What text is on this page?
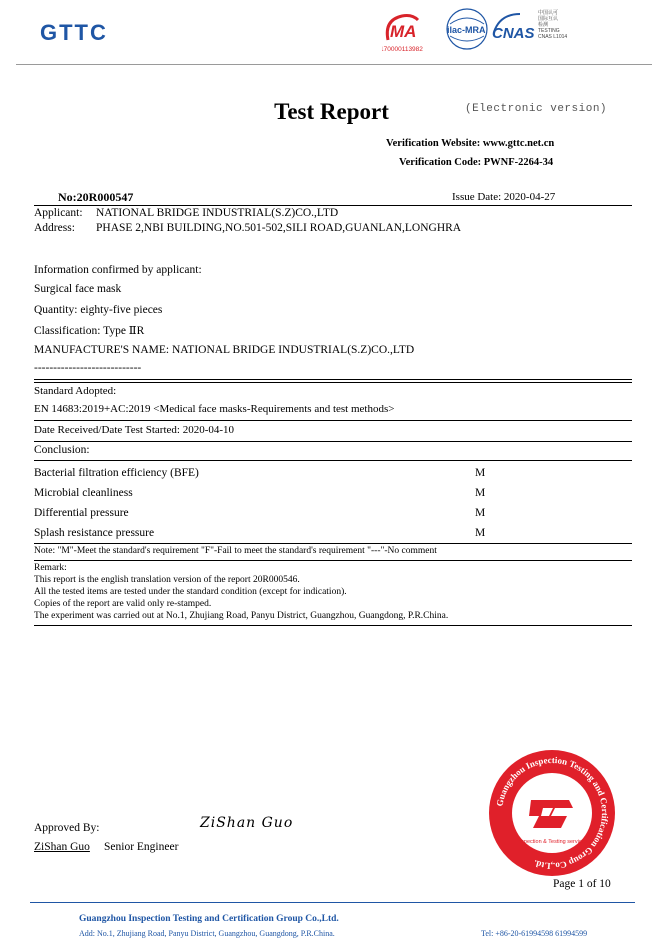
GTTC	MA
170000113982
ilac-MRA CNAS
中国认可
国际互认
检测
TESTING
CNAS L1014
Test Report	(Electronic version)
Verification Website: www.gttc.net.cn
Verification Code: PWNF-2264-34
No:20R000547	Issue Date: 2020-04-27
Applicant: NATIONAL BRIDGE INDUSTRIAL(S.Z)CO.,LTD
Address: PHASE 2,NBI BUILDING,NO.501-502,SILI ROAD,GUANLAN,LONGHRA
Information confirmed by applicant:
Surgical face mask
Quantity: eighty-five pieces
Classification: Type ⅡR
MANUFACTURE'S NAME: NATIONAL BRIDGE INDUSTRIAL(S.Z)CO.,LTD
----------------------------
Standard Adopted:
EN 14683:2019+AC:2019 <Medical face masks-Requirements and test methods>
Date Received/Date Test Started: 2020-04-10
Conclusion:
Bacterial filtration efficiency (BFE)	M
Microbial cleanliness	M
Differential pressure	M
Splash resistance pressure	M
Note: "M"-Meet the standard's requirement "F"-Fail to meet the standard's requirement "---"-No comment
Remark:
This report is the english translation version of the report 20R000546.
All the tested items are tested under the standard condition (except for indication).
Copies of the report are valid only re-stamped.
The experiment was carried out at No.1, Zhujiang Road, Panyu District, Guangzhou, Guangdong, P.R.China.
Guangzhou Inspection Testing and Certification Group Co.,Ltd.
Inspection & Testing services
ZiShan Guo
Approved By:
ZiShan Guo Senior Engineer
Page 1 of 10
Guangzhou Inspection Testing and Certification Group Co.,Ltd.
Add: No.1, Zhujiang Road, Panyu District, Guangzhou, Guangdong, P.R.China.	Tel: +86-20-61994598 61994599
